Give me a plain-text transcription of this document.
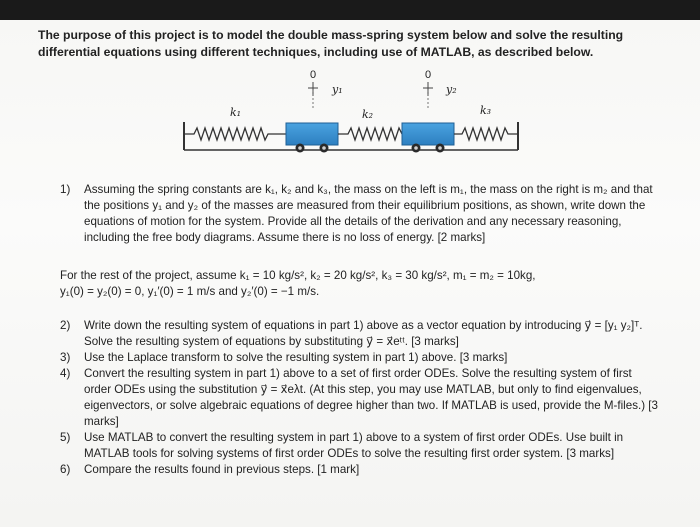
The purpose of this project is to model the double mass-spring system below and solve the resulting differential equations using different techniques, including use of MATLAB, as described below.
0
y₁
0
y₂
k₁	k₂	k₃
1)	Assuming the spring constants are k₁, k₂ and k₃, the mass on the left is m₁, the mass on the right is m₂ and that the positions y₁ and y₂ of the masses are measured from their equilibrium positions, as shown, write down the equations of motion for the system. Provide all the details of the derivation and any necessary reasoning, including the free body diagrams. Assume there is no loss of energy. [2 marks]
For the rest of the project, assume k₁ = 10 kg/s², k₂ = 20 kg/s², k₃ = 30 kg/s², m₁ = m₂ = 10kg,
y₁(0) = y₂(0) = 0, y₁′(0) = 1 m/s and y₂′(0) = −1 m/s.
2)	Write down the resulting system of equations in part 1) above as a vector equation by introducing y⃗ = [y₁ y₂]ᵀ. Solve the resulting system of equations by substituting y⃗ = x⃗eᵗᵗ. [3 marks]
3)	Use the Laplace transform to solve the resulting system in part 1) above. [3 marks]
4)	Convert the resulting system in part 1) above to a set of first order ODEs. Solve the resulting system of first order ODEs using the substitution y⃗ = x⃗eλt. (At this step, you may use MATLAB, but only to find eigenvalues, eigenvectors, or solve algebraic equations of degree higher than two. If MATLAB is used, provide the M-files.) [3 marks]
5)	Use MATLAB to convert the resulting system in part 1) above to a system of first order ODEs. Use built in MATLAB tools for solving systems of first order ODEs to solve the resulting first order system. [3 marks]
6)	Compare the results found in previous steps. [1 mark]
